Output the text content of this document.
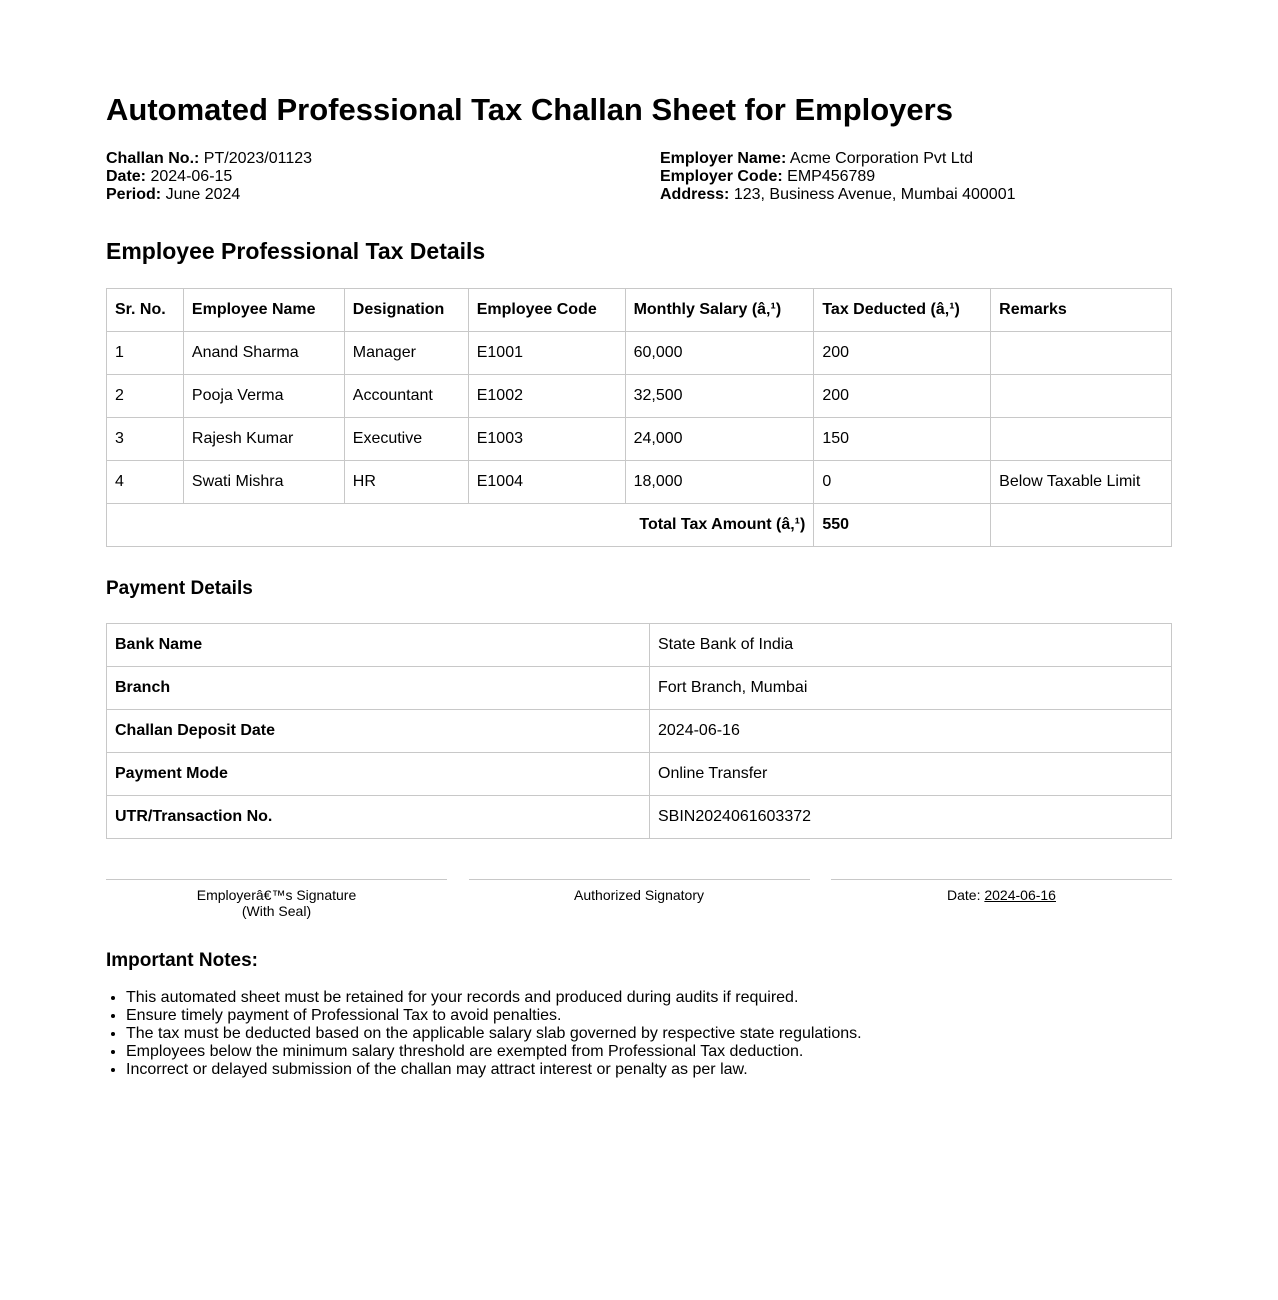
Automated Professional Tax Challan Sheet for Employers
Challan No.: PT/2023/01123
Date: 2024-06-15
Period: June 2024
Employer Name: Acme Corporation Pvt Ltd
Employer Code: EMP456789
Address: 123, Business Avenue, Mumbai 400001
Employee Professional Tax Details
Sr. No.	Employee Name	Designation	Employee Code	Monthly Salary (â‚¹)	Tax Deducted (â‚¹)	Remarks
1	Anand Sharma	Manager	E1001	60,000	200	
2	Pooja Verma	Accountant	E1002	32,500	200	
3	Rajesh Kumar	Executive	E1003	24,000	150	
4	Swati Mishra	HR	E1004	18,000	0	Below Taxable Limit
Total Tax Amount (â‚¹)					550	
Payment Details
Bank Name	State Bank of India
Branch	Fort Branch, Mumbai
Challan Deposit Date	2024-06-16
Payment Mode	Online Transfer
UTR/Transaction No.	SBIN2024061603372
Employerâ€™s Signature
(With Seal)
Authorized Signatory	Date: 2024-06-16
Important Notes:
• This automated sheet must be retained for your records and produced during audits if required.
• Ensure timely payment of Professional Tax to avoid penalties.
• The tax must be deducted based on the applicable salary slab governed by respective state regulations.
• Employees below the minimum salary threshold are exempted from Professional Tax deduction.
• Incorrect or delayed submission of the challan may attract interest or penalty as per law.
